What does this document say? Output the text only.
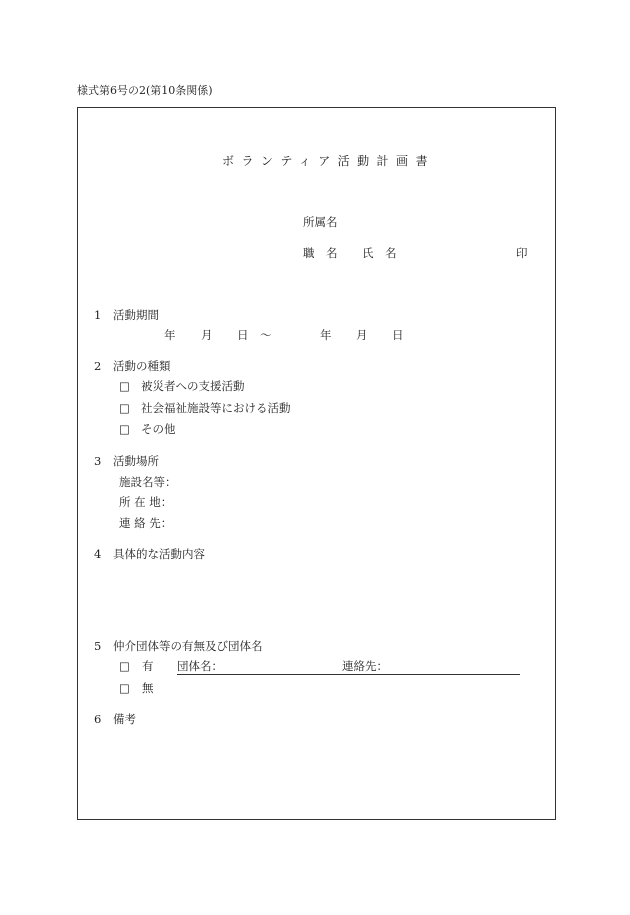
様式第6号の2(第10条関係)
ボランティア活動計画書
所属名
職　名 氏　名	印
1 活動期間
年 月 日 〜	年 月 日
2 活動の種類
□ 被災者への支援活動
□ 社会福祉施設等における活動
□ その他
3 活動場所
施設名等：
所 在 地：
連 絡 先：
4 具体的な活動内容
5 仲介団体等の有無及び団体名
□ 有 団体名：	連絡先：
□ 無
6 備考
